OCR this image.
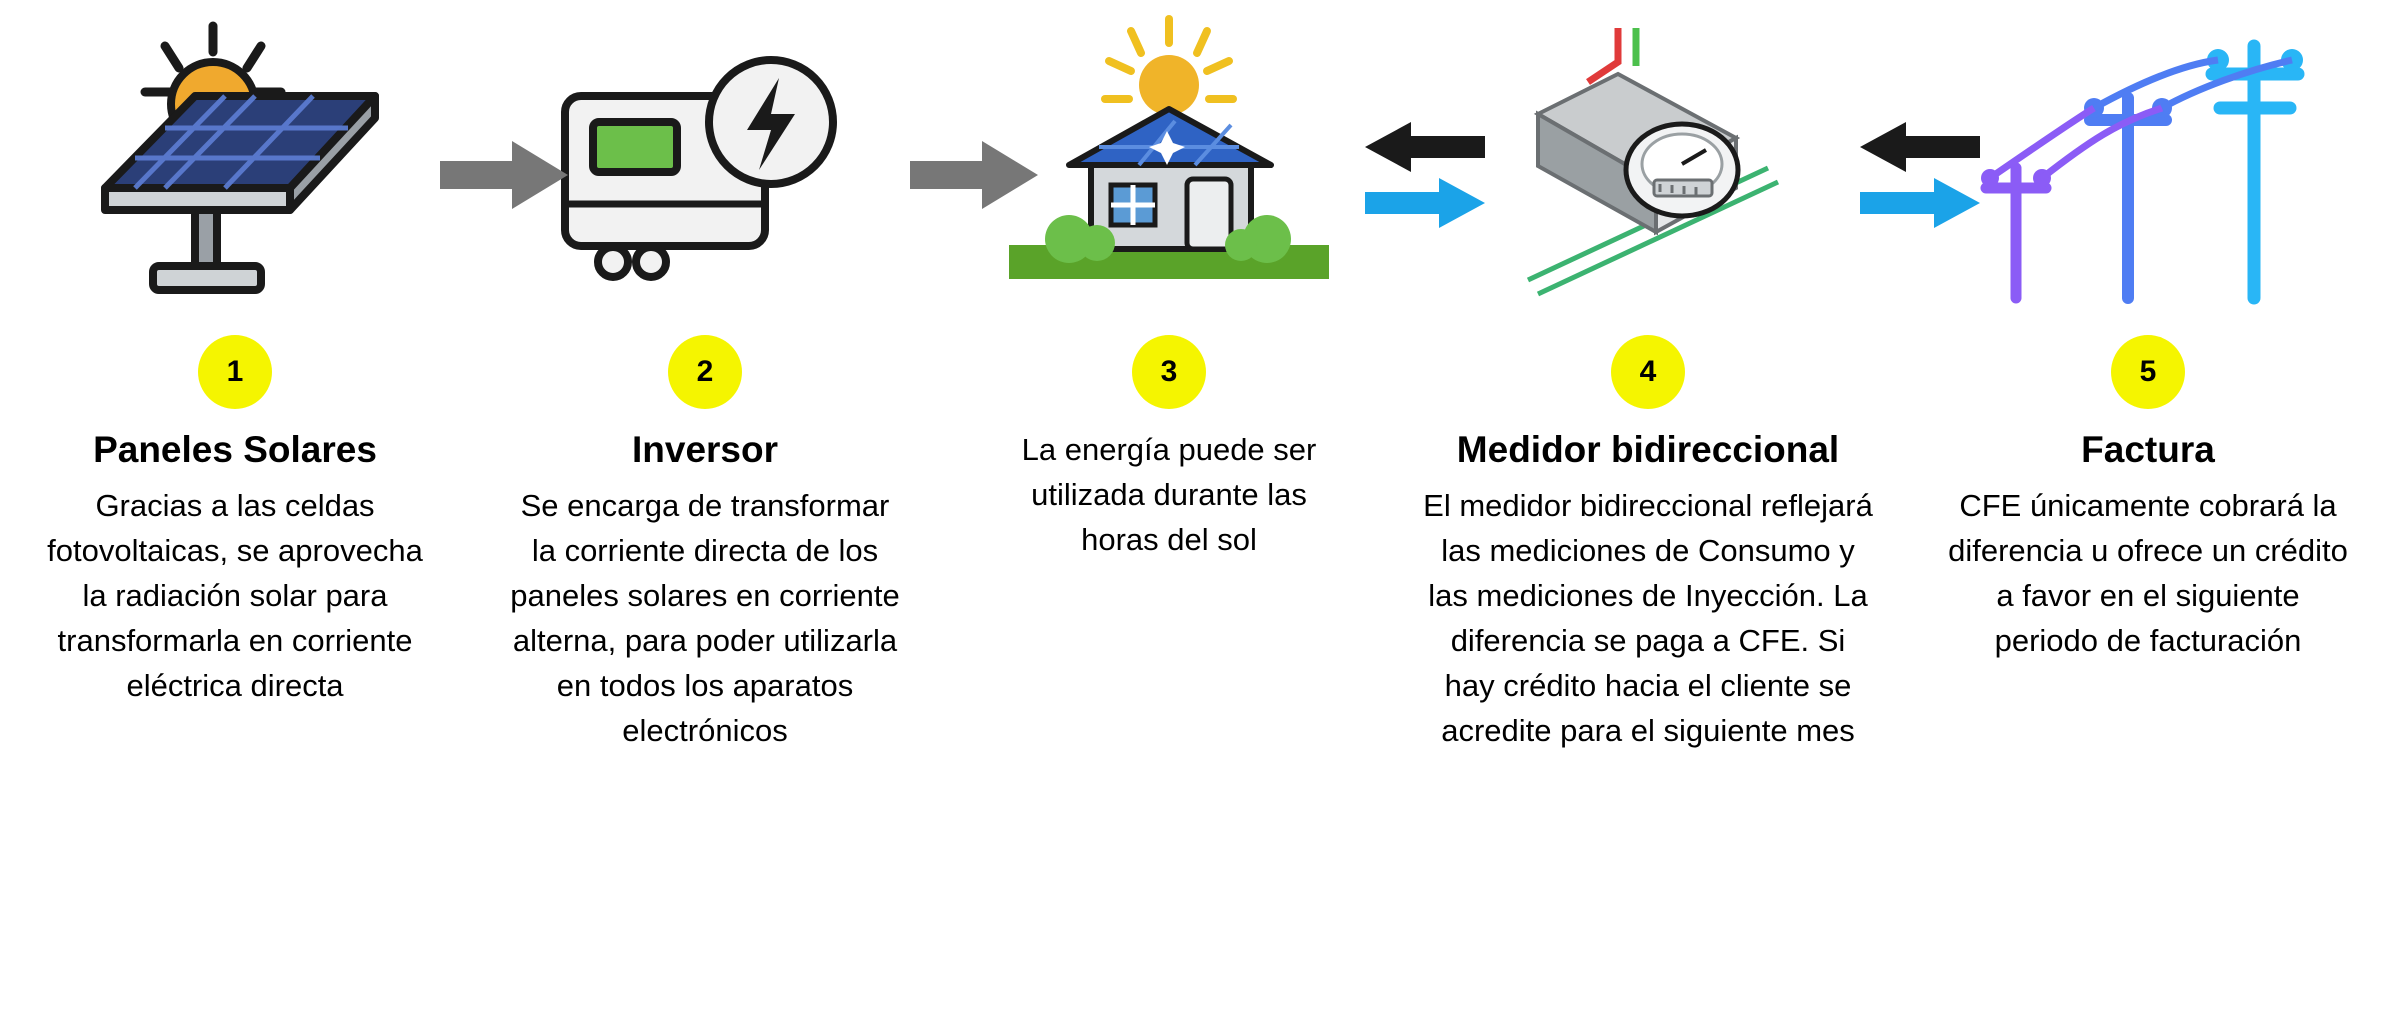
1
Paneles Solares
Gracias a las celdas fotovoltaicas, se aprovecha la radiación solar para transformarla en corriente eléctrica directa
2
Inversor
Se encarga de transformar la corriente directa de los paneles solares en corriente alterna, para poder utilizarla en todos los aparatos electrónicos
3
La energía puede ser utilizada durante las horas del sol
4
Medidor bidireccional
El medidor bidireccional reflejará las mediciones de Consumo y las mediciones de Inyección. La diferencia se paga a CFE. Si hay crédito hacia el cliente se acredite para el siguiente mes
5
Factura
CFE únicamente cobrará la diferencia u ofrece un crédito a favor en el siguiente periodo de facturación
